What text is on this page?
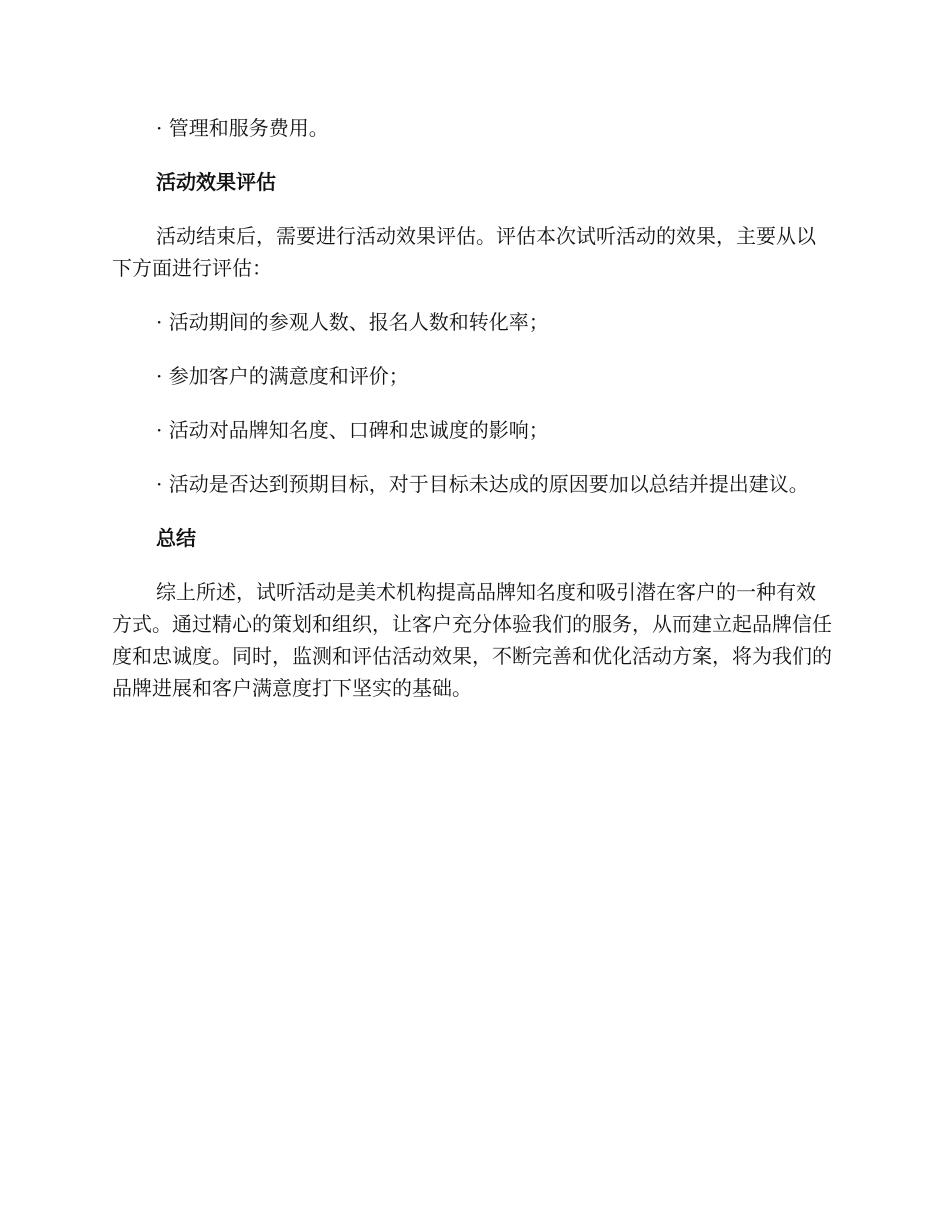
· 管理和服务费用。

活动效果评估

活动结束后，需要进行活动效果评估。评估本次试听活动的效果，主要从以下方面进行评估：

· 活动期间的参观人数、报名人数和转化率；

· 参加客户的满意度和评价；

· 活动对品牌知名度、口碑和忠诚度的影响；

· 活动是否达到预期目标，对于目标未达成的原因要加以总结并提出建议。

总结

综上所述，试听活动是美术机构提高品牌知名度和吸引潜在客户的一种有效方式。通过精心的策划和组织，让客户充分体验我们的服务，从而建立起品牌信任度和忠诚度。同时，监测和评估活动效果，不断完善和优化活动方案，将为我们的品牌进展和客户满意度打下坚实的基础。
